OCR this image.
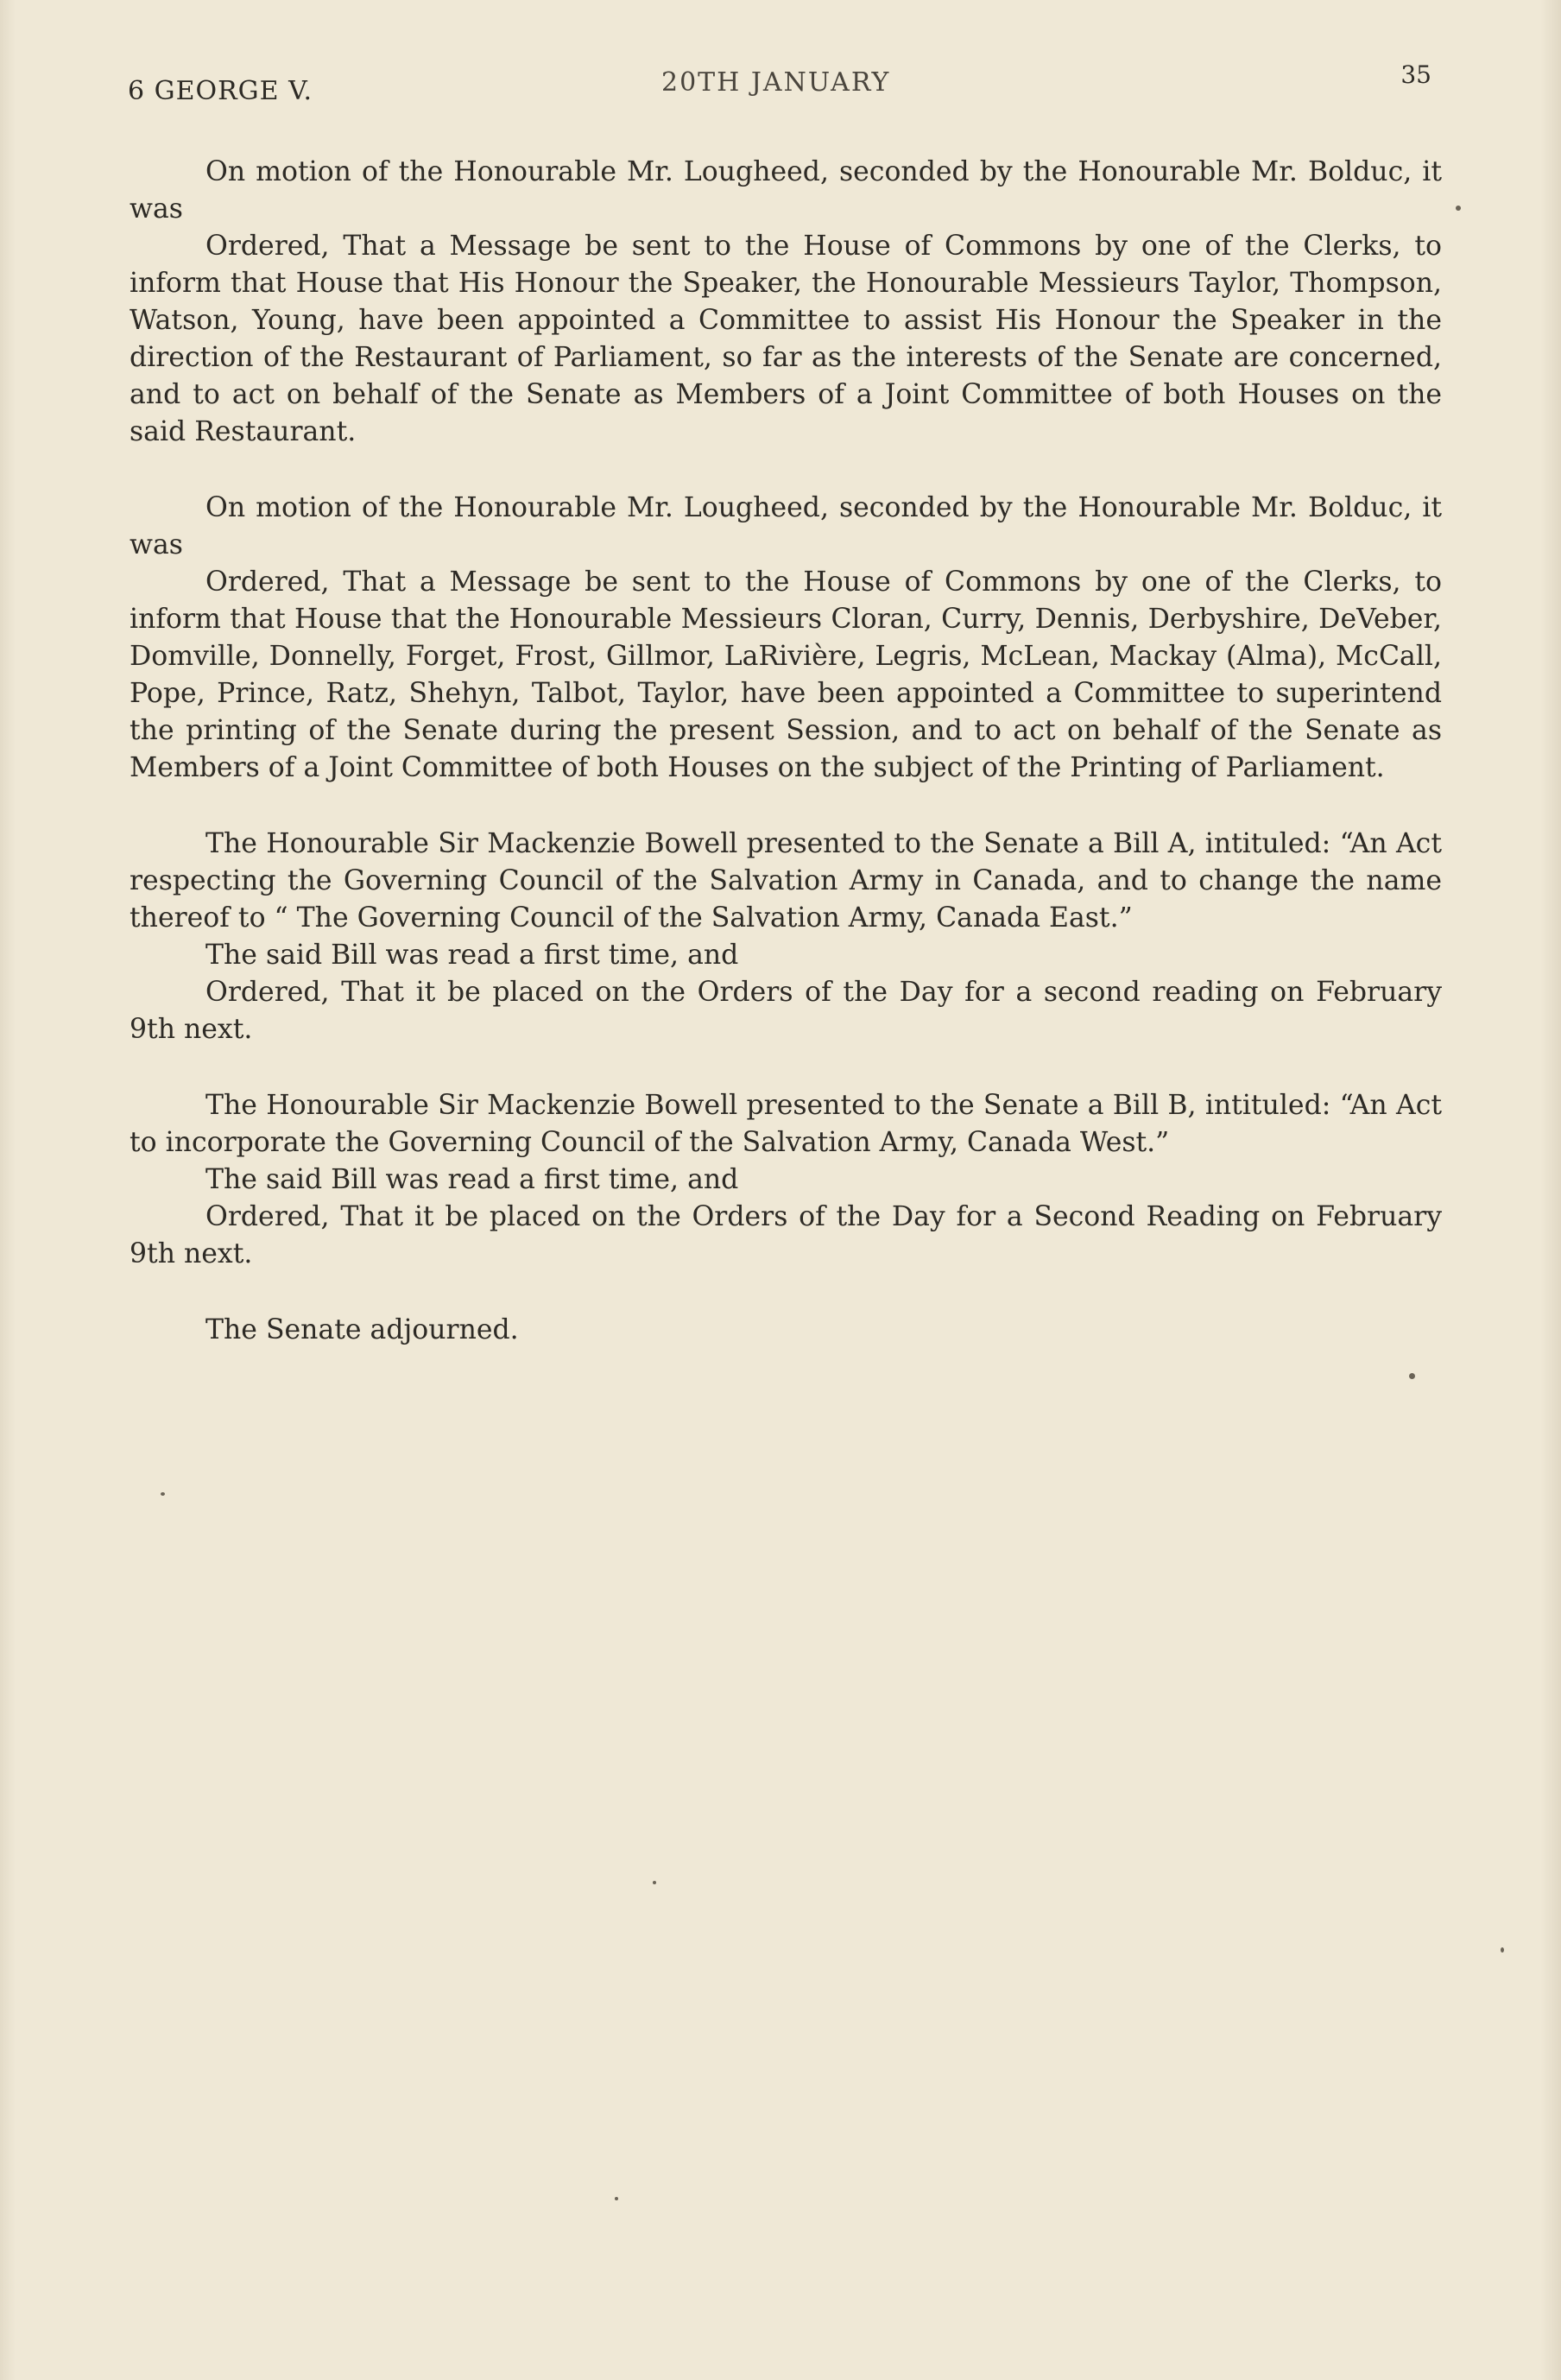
6 GEORGE V.	20TH JANUARY	35

On motion of the Honourable Mr. Lougheed, seconded by the Honourable Mr. Bolduc, it was

Ordered, That a Message be sent to the House of Commons by one of the Clerks, to inform that House that His Honour the Speaker, the Honourable Messieurs Taylor, Thompson, Watson, Young, have been appointed a Committee to assist His Honour the Speaker in the direction of the Restaurant of Parliament, so far as the interests of the Senate are concerned, and to act on behalf of the Senate as Members of a Joint Committee of both Houses on the said Restaurant.

On motion of the Honourable Mr. Lougheed, seconded by the Honourable Mr. Bolduc, it was

Ordered, That a Message be sent to the House of Commons by one of the Clerks, to inform that House that the Honourable Messieurs Cloran, Curry, Dennis, Derbyshire, DeVeber, Domville, Donnelly, Forget, Frost, Gillmor, LaRivière, Legris, McLean, Mackay (Alma), McCall, Pope, Prince, Ratz, Shehyn, Talbot, Taylor, have been appointed a Committee to superintend the printing of the Senate during the present Session, and to act on behalf of the Senate as Members of a Joint Committee of both Houses on the subject of the Printing of Parliament.

The Honourable Sir Mackenzie Bowell presented to the Senate a Bill A, intituled: “An Act respecting the Governing Council of the Salvation Army in Canada, and to change the name thereof to “ The Governing Council of the Salvation Army, Canada East.”

The said Bill was read a first time, and

Ordered, That it be placed on the Orders of the Day for a second reading on February 9th next.

The Honourable Sir Mackenzie Bowell presented to the Senate a Bill B, intituled: “An Act to incorporate the Governing Council of the Salvation Army, Canada West.”

The said Bill was read a first time, and

Ordered, That it be placed on the Orders of the Day for a Second Reading on February 9th next.

The Senate adjourned.
